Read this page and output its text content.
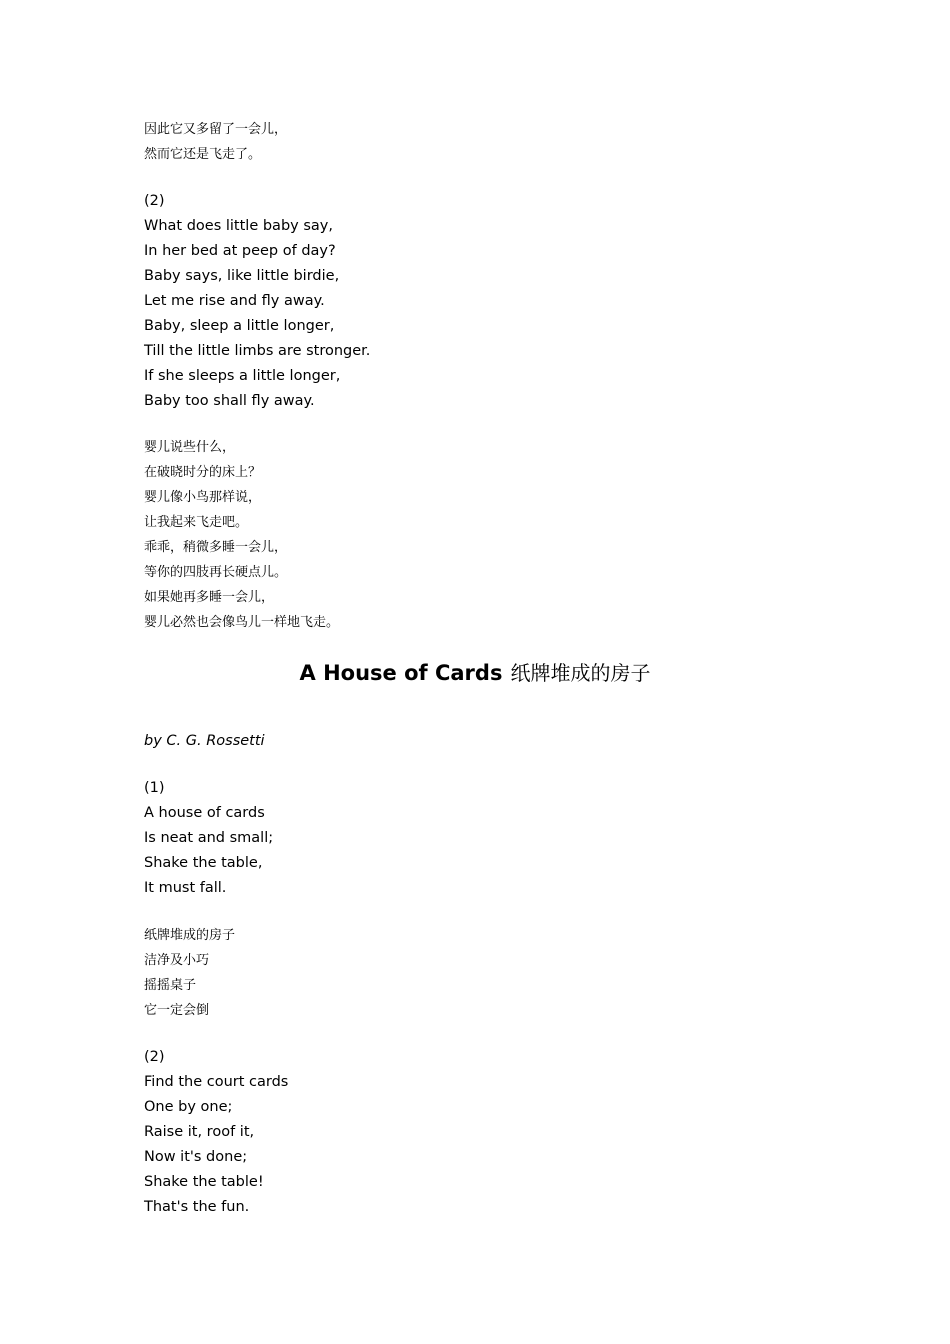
因此它又多留了一会儿，
然而它还是飞走了。
(2)
What does little baby say,
In her bed at peep of day?
Baby says, like little birdie,
Let me rise and fly away.
Baby, sleep a little longer,
Till the little limbs are stronger.
If she sleeps a little longer,
Baby too shall fly away.
婴儿说些什么，
在破晓时分的床上？
婴儿像小鸟那样说，
让我起来飞走吧。
乖乖，稍微多睡一会儿，
等你的四肢再长硬点儿。
如果她再多睡一会儿，
婴儿必然也会像鸟儿一样地飞走。
A House of Cards 纸牌堆成的房子
by C. G. Rossetti
(1)
A house of cards
Is neat and small;
Shake the table,
It must fall.
纸牌堆成的房子
洁净及小巧
摇摇桌子
它一定会倒
(2)
Find the court cards
One by one;
Raise it, roof it,
Now it's done;
Shake the table!
That's the fun.
